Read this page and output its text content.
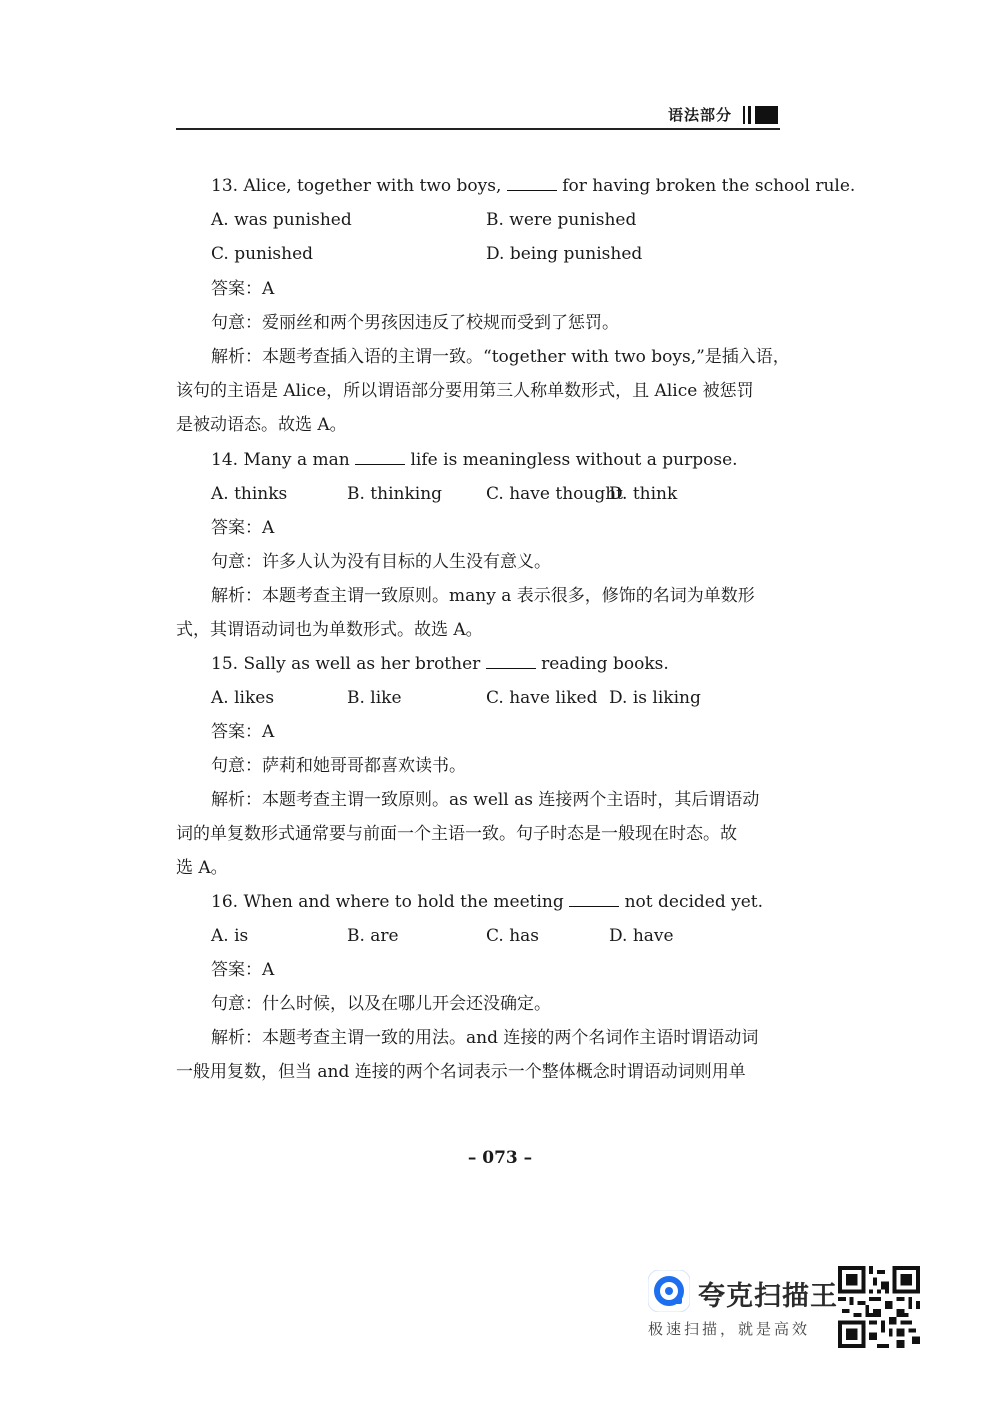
语法部分
13. Alice, together with two boys,	for having broken the school rule.
A. was punished	B. were punished
C. punished	D. being punished
答案：A
句意：爱丽丝和两个男孩因违反了校规而受到了惩罚。
解析：本题考查插入语的主谓一致。“together with two boys,”是插入语，
该句的主语是 Alice，所以谓语部分要用第三人称单数形式，且 Alice 被惩罚
是被动语态。故选 A。
14. Many a man	life is meaningless without a purpose.
A. thinks	B. thinking	C. have thought
D. think
答案：A
句意：许多人认为没有目标的人生没有意义。
解析：本题考查主谓一致原则。many a 表示很多，修饰的名词为单数形
式，其谓语动词也为单数形式。故选 A。
15. Sally as well as her brother	reading books.
A. likes	B. like	C. have liked D. is liking
答案：A
句意：萨莉和她哥哥都喜欢读书。
解析：本题考查主谓一致原则。as well as 连接两个主语时，其后谓语动
词的单复数形式通常要与前面一个主语一致。句子时态是一般现在时态。故
选 A。
16. When and where to hold the meeting	not decided yet.
A. is	B. are	C. has	D. have
答案：A
句意：什么时候，以及在哪儿开会还没确定。
解析：本题考查主谓一致的用法。and 连接的两个名词作主语时谓语动词
一般用复数，但当 and 连接的两个名词表示一个整体概念时谓语动词则用单
– 073 –
夸克扫描王
极速扫描，就是高效
